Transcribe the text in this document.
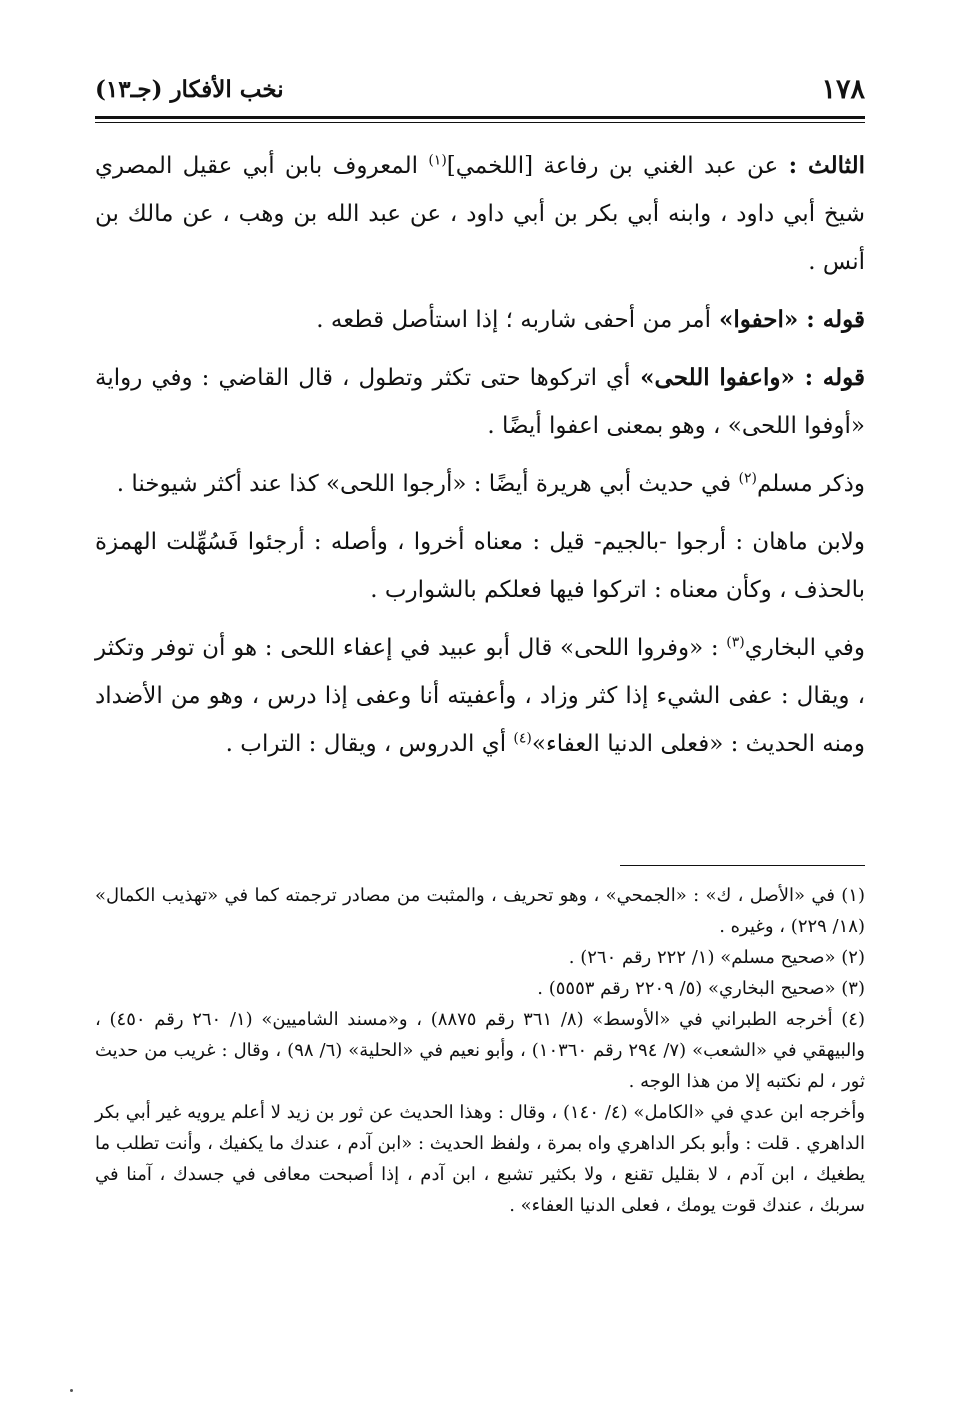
١٧٨
نخب الأفكار (جـ١٣)

الثالث : عن عبد الغني بن رفاعة [اللخمي]$^{(١)}$ المعروف بابن أبي عقيل المصري شيخ أبي داود ، وابنه أبي بكر بن أبي داود ، عن عبد الله بن وهب ، عن مالك بن أنس .

قوله : «احفوا» أمر من أحفى شاربه ؛ إذا استأصل قطعه .

قوله : «واعفوا اللحى» أي اتركوها حتى تكثر وتطول ، قال القاضي : وفي رواية «أوفوا اللحى» ، وهو بمعنى اعفوا أيضًا .

وذكر مسلم$^{(٢)}$ في حديث أبي هريرة أيضًا : «أرجوا اللحى» كذا عند أكثر شيوخنا .

ولابن ماهان : أرجوا -بالجيم- قيل : معناه أخروا ، وأصله : أرجئوا فَسُهِّلت الهمزة بالحذف ، وكأن معناه : اتركوا فيها فعلكم بالشوارب .

وفي البخاري$^{(٣)}$ : «وفروا اللحى» قال أبو عبيد في إعفاء اللحى : هو أن توفر وتكثر ، ويقال : عفى الشيء إذا كثر وزاد ، وأعفيته أنا وعفى إذا درس ، وهو من الأضداد ومنه الحديث : «فعلى الدنيا العفاء»$^{(٤)}$ أي الدروس ، ويقال : التراب .

(١) في «الأصل ، ك» : «الجمحي» ، وهو تحريف ، والمثبت من مصادر ترجمته كما في «تهذيب الكمال» (١٨/ ٢٢٩) ، وغيره .

(٢) «صحيح مسلم» (١/ ٢٢٢ رقم ٢٦٠) .

(٣) «صحيح البخاري» (٥/ ٢٢٠٩ رقم ٥٥٥٣) .

(٤) أخرجه الطبراني في «الأوسط» (٨/ ٣٦١ رقم ٨٨٧٥) ، و«مسند الشاميين» (١/ ٢٦٠ رقم ٤٥٠) ، والبيهقي في «الشعب» (٧/ ٢٩٤ رقم ١٠٣٦٠) ، وأبو نعيم في «الحلية» (٦/ ٩٨) ، وقال : غريب من حديث ثور ، لم نكتبه إلا من هذا الوجه .

وأخرجه ابن عدي في «الكامل» (٤/ ١٤٠) ، وقال : وهذا الحديث عن ثور بن زيد لا أعلم يرويه غير أبي بكر الداهري . قلت : وأبو بكر الداهري واه بمرة ، ولفظ الحديث : «ابن آدم ، عندك ما يكفيك ، وأنت تطلب ما يطغيك ، ابن آدم ، لا بقليل تقنع ، ولا بكثير تشبع ، ابن آدم ، إذا أصبحت معافى في جسدك ، آمنا في سربك ، عندك قوت يومك ، فعلى الدنيا العفاء» .
